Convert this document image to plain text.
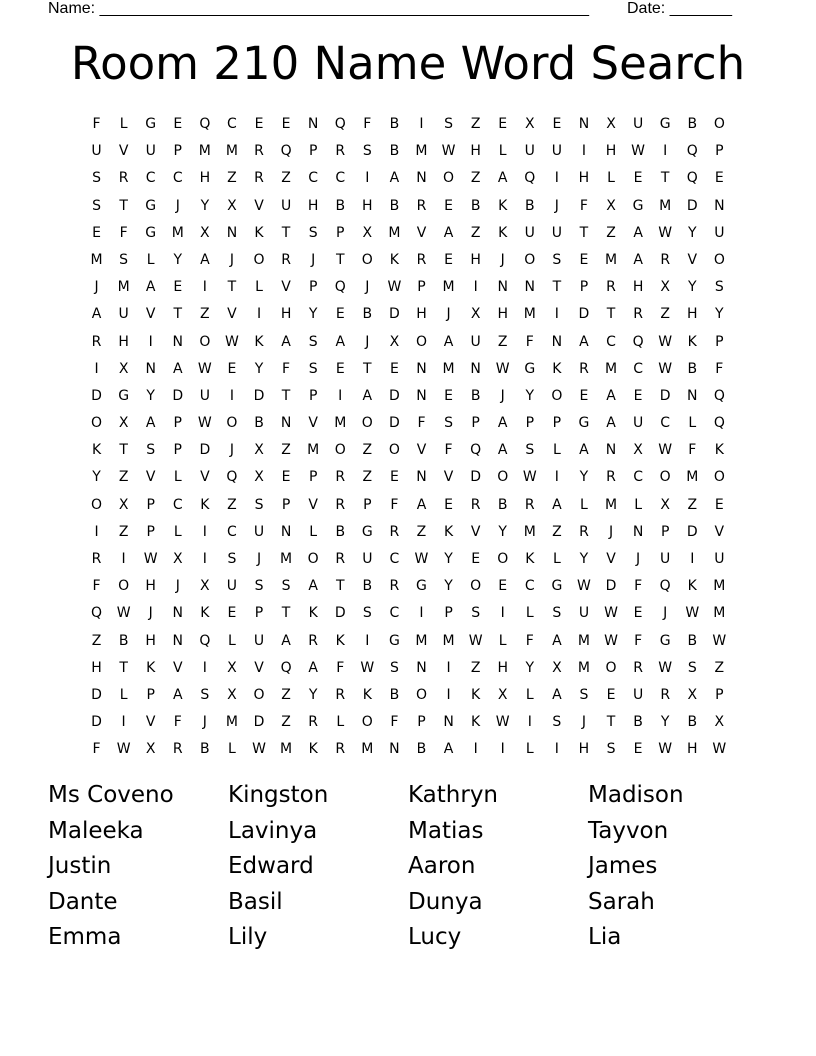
Name: _______________________________________________________ Date: _______
Room 210 Name Word Search
F	L	G	E	Q	C	E	E	N	Q	F	B	I	S	Z	E	X	E	N	X	U	G	B	O
U	V	U	P	M	M	R	Q	P	R	S	B	M	W	H	L	U	U	I	H	W	I	Q	P
S	R	C	C	H	Z	R	Z	C	C	I	A	N	O	Z	A	Q	I	H	L	E	T	Q	E
S	T	G	J	Y	X	V	U	H	B	H	B	R	E	B	K	B	J	F	X	G	M	D	N
E	F	G	M	X	N	K	T	S	P	X	M	V	A	Z	K	U	U	T	Z	A	W	Y	U
M	S	L	Y	A	J	O	R	J	T	O	K	R	E	H	J	O	S	E	M	A	R	V	O
J	M	A	E	I	T	L	V	P	Q	J	W	P	M	I	N	N	T	P	R	H	X	Y	S
A	U	V	T	Z	V	I	H	Y	E	B	D	H	J	X	H	M	I	D	T	R	Z	H	Y
R	H	I	N	O	W	K	A	S	A	J	X	O	A	U	Z	F	N	A	C	Q	W	K	P
I	X	N	A	W	E	Y	F	S	E	T	E	N	M	N	W	G	K	R	M	C	W	B	F
D	G	Y	D	U	I	D	T	P	I	A	D	N	E	B	J	Y	O	E	A	E	D	N	Q
O	X	A	P	W	O	B	N	V	M	O	D	F	S	P	A	P	P	G	A	U	C	L	Q
K	T	S	P	D	J	X	Z	M	O	Z	O	V	F	Q	A	S	L	A	N	X	W	F	K
Y	Z	V	L	V	Q	X	E	P	R	Z	E	N	V	D	O	W	I	Y	R	C	O	M	O
O	X	P	C	K	Z	S	P	V	R	P	F	A	E	R	B	R	A	L	M	L	X	Z	E
I	Z	P	L	I	C	U	N	L	B	G	R	Z	K	V	Y	M	Z	R	J	N	P	D	V
R	I	W	X	I	S	J	M	O	R	U	C	W	Y	E	O	K	L	Y	V	J	U	I	U
F	O	H	J	X	U	S	S	A	T	B	R	G	Y	O	E	C	G	W	D	F	Q	K	M
Q	W	J	N	K	E	P	T	K	D	S	C	I	P	S	I	L	S	U	W	E	J	W	M
Z	B	H	N	Q	L	U	A	R	K	I	G	M	M	W	L	F	A	M	W	F	G	B	W
H	T	K	V	I	X	V	Q	A	F	W	S	N	I	Z	H	Y	X	M	O	R	W	S	Z
D	L	P	A	S	X	O	Z	Y	R	K	B	O	I	K	X	L	A	S	E	U	R	X	P
D	I	V	F	J	M	D	Z	R	L	O	F	P	N	K	W	I	S	J	T	B	Y	B	X
F	W	X	R	B	L	W	M	K	R	M	N	B	A	I	I	L	I	H	S	E	W	H	W
Ms Coveno	Kingston	Kathryn	Madison
Maleeka	Lavinya	Matias	Tayvon
Justin	Edward	Aaron	James
Dante	Basil	Dunya	Sarah
Emma	Lily	Lucy	Lia
